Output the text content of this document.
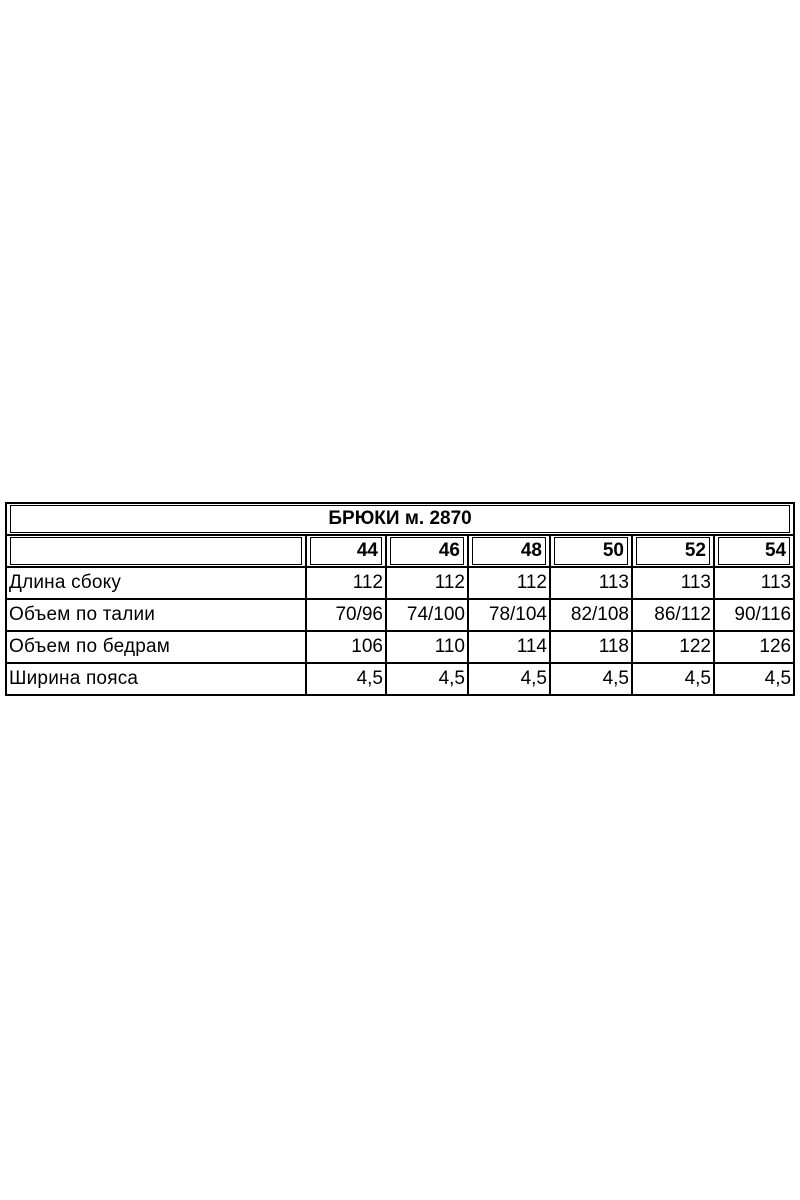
БРЮКИ м. 2870						

	44	46	48	50	52	54

Длина сбоку	112	112	112	113	113	113
Объем по талии	70/96	74/100	78/104	82/108	86/112	90/116
Объем по бедрам	106	110	114	118	122	126
Ширина пояса	4,5	4,5	4,5	4,5	4,5	4,5
